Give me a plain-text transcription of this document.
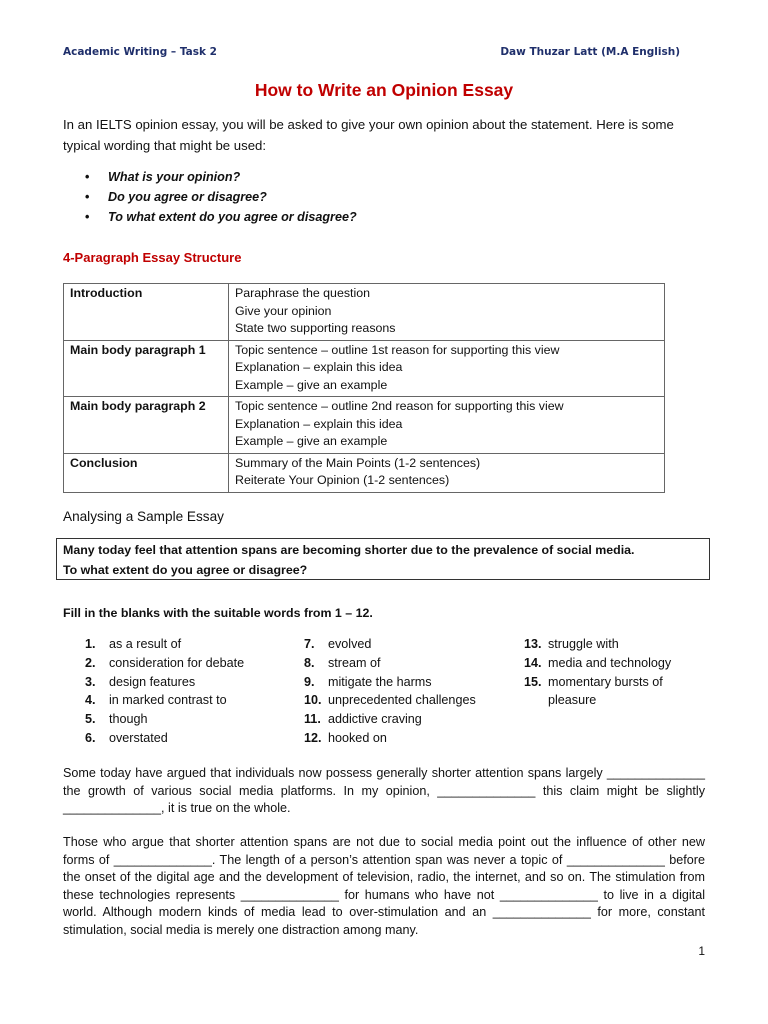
Academic Writing – Task 2	Daw Thuzar Latt (M.A English)
How to Write an Opinion Essay
In an IELTS opinion essay, you will be asked to give your own opinion about the statement. Here is some typical wording that might be used:
• What is your opinion?
• Do you agree or disagree?
• To what extent do you agree or disagree?
4-Paragraph Essay Structure
Introduction	Paraphrase the question
Give your opinion
State two supporting reasons

Main body paragraph 1	Topic sentence – outline 1st reason for supporting this view
Explanation – explain this idea
Example – give an example

Main body paragraph 2	Topic sentence – outline 2nd reason for supporting this view
Explanation – explain this idea
Example – give an example

Conclusion	Summary of the Main Points (1-2 sentences)
Reiterate Your Opinion (1-2 sentences)
Analysing a Sample Essay
Many today feel that attention spans are becoming shorter due to the prevalence of social media.
To what extent do you agree or disagree?
Fill in the blanks with the suitable words from 1 – 12.
1.	as a result of
2.	consideration for debate
3.	design features
4.	in marked contrast to
5.	though
6.	overstated
7.	evolved
8.	stream of
9.	mitigate the harms
10. unprecedented challenges
11. addictive craving
12. hooked on
13. struggle with
14. media and technology
15. momentary bursts of
pleasure
Some today have argued that individuals now possess generally shorter attention spans largely ______________ the growth of various social media platforms. In my opinion, ______________ this claim might be slightly ______________, it is true on the whole.
Those who argue that shorter attention spans are not due to social media point out the influence of other new forms of ______________. The length of a person’s attention span was never a topic of ______________ before the onset of the digital age and the development of television, radio, the internet, and so on. The stimulation from these technologies represents ______________ for humans who have not ______________ to live in a digital world. Although modern kinds of media lead to over-stimulation and an ______________ for more, constant stimulation, social media is merely one distraction among many.
1
